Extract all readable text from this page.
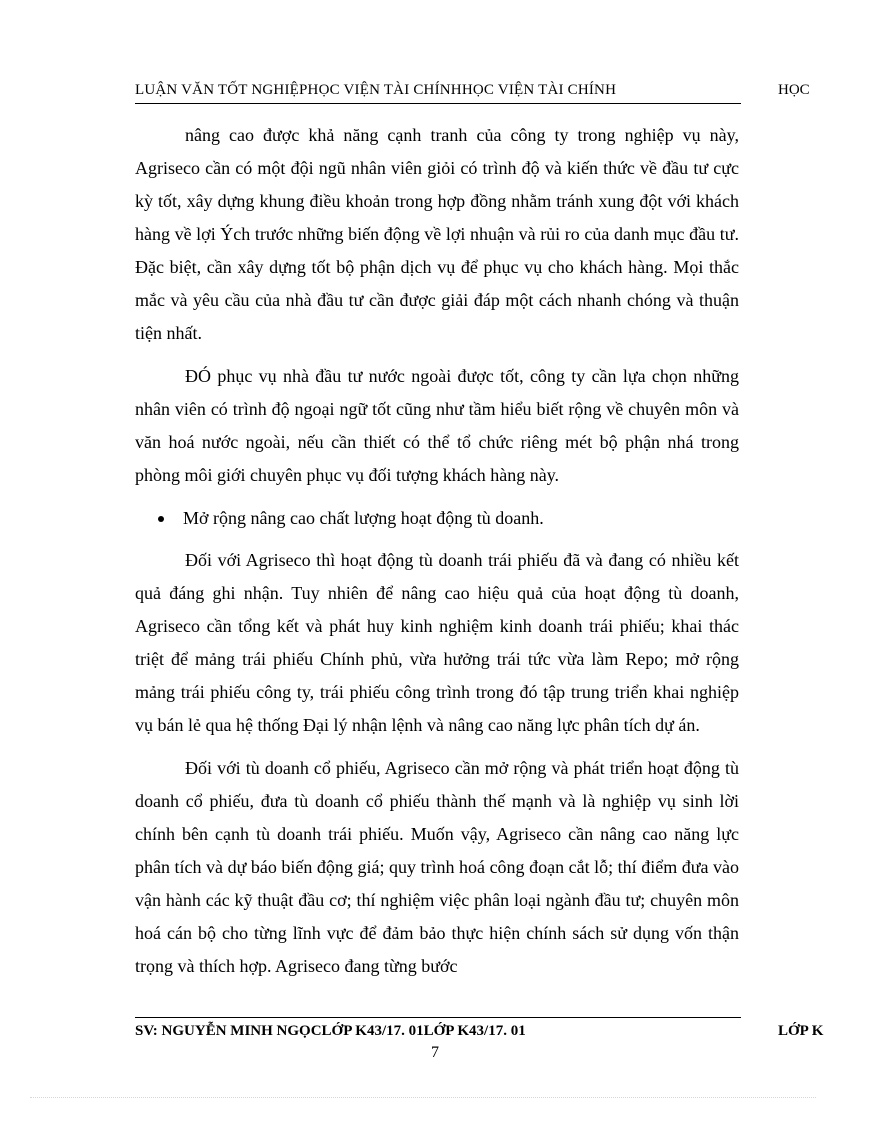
LUẬN VĂN TỐT NGHIỆPHỌC VIỆN TÀI CHÍNHHỌC VIỆN TÀI CHÍNH	HỌC

nâng cao được khả năng cạnh tranh của công ty trong nghiệp vụ này, Agriseco cần có một đội ngũ nhân viên giỏi có trình độ và kiến thức về đầu tư cực kỳ tốt, xây dựng khung điều khoản trong hợp đồng nhằm tránh xung đột với khách hàng về lợi Ých trước những biến động về lợi nhuận và rủi ro của danh mục đầu tư. Đặc biệt, cần xây dựng tốt bộ phận dịch vụ để phục vụ cho khách hàng. Mọi thắc mắc và yêu cầu của nhà đầu tư cần được giải đáp một cách nhanh chóng và thuận tiện nhất.

ĐÓ phục vụ nhà đầu tư nước ngoài được tốt, công ty cần lựa chọn những nhân viên có trình độ ngoại ngữ tốt cũng như tầm hiểu biết rộng về chuyên môn và văn hoá nước ngoài, nếu cần thiết có thể tổ chức riêng mét bộ phận nhá trong phòng môi giới chuyên phục vụ đối tượng khách hàng này.

Mở rộng nâng cao chất lượng hoạt động tù doanh.

Đối với Agriseco thì hoạt động tù doanh trái phiếu đã và đang có nhiều kết quả đáng ghi nhận. Tuy nhiên để nâng cao hiệu quả của hoạt động tù doanh, Agriseco cần tổng kết và phát huy kinh nghiệm kinh doanh trái phiếu; khai thác triệt để mảng trái phiếu Chính phủ, vừa hưởng trái tức vừa làm Repo; mở rộng mảng trái phiếu công ty, trái phiếu công trình trong đó tập trung triển khai nghiệp vụ bán lẻ qua hệ thống Đại lý nhận lệnh và nâng cao năng lực phân tích dự án.

Đối với tù doanh cổ phiếu, Agriseco cần mở rộng và phát triển hoạt động tù doanh cổ phiếu, đưa tù doanh cổ phiếu thành thế mạnh và là nghiệp vụ sinh lời chính bên cạnh tù doanh trái phiếu. Muốn vậy, Agriseco cần nâng cao năng lực phân tích và dự báo biến động giá; quy trình hoá công đoạn cắt lỗ; thí điểm đưa vào vận hành các kỹ thuật đầu cơ; thí nghiệm việc phân loại ngành đầu tư; chuyên môn hoá cán bộ cho từng lĩnh vực để đảm bảo thực hiện chính sách sử dụng vốn thận trọng và thích hợp. Agriseco đang từng bước

SV: NGUYỄN MINH NGỌCLỚP K43/17. 01LỚP K43/17. 01	LỚP K
7
